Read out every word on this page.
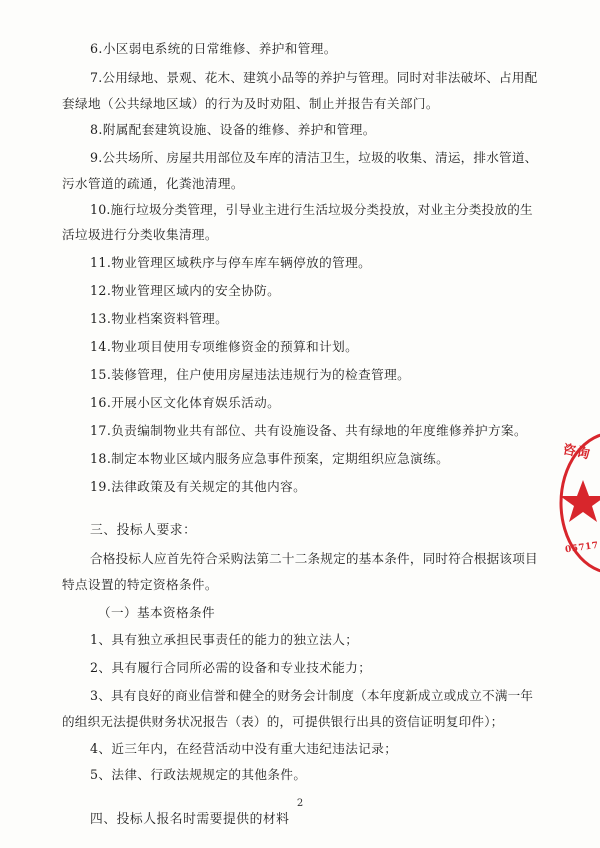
6.小区弱电系统的日常维修、养护和管理。
7.公用绿地、景观、花木、建筑小品等的养护与管理。同时对非法破坏、占用配
套绿地（公共绿地区域）的行为及时劝阻、制止并报告有关部门。
8.附属配套建筑设施、设备的维修、养护和管理。
9.公共场所、房屋共用部位及车库的清洁卫生，垃圾的收集、清运，排水管道、
污水管道的疏通，化粪池清理。
10.施行垃圾分类管理，引导业主进行生活垃圾分类投放，对业主分类投放的生
活垃圾进行分类收集清理。
11.物业管理区域秩序与停车库车辆停放的管理。
12.物业管理区域内的安全协防。
13.物业档案资料管理。
14.物业项目使用专项维修资金的预算和计划。
15.装修管理，住户使用房屋违法违规行为的检查管理。
16.开展小区文化体育娱乐活动。
17.负责编制物业共有部位、共有设施设备、共有绿地的年度维修养护方案。
18.制定本物业区域内服务应急事件预案，定期组织应急演练。
19.法律政策及有关规定的其他内容。
三、投标人要求：
合格投标人应首先符合采购法第二十二条规定的基本条件，同时符合根据该项目
特点设置的特定资格条件。
（一）基本资格条件
1、具有独立承担民事责任的能力的独立法人；
2、具有履行合同所必需的设备和专业技术能力；
3、具有良好的商业信誉和健全的财务会计制度（本年度新成立或成立不满一年
的组织无法提供财务状况报告（表）的，可提供银行出具的资信证明复印件）；
4、近三年内，在经营活动中没有重大违纪违法记录；
5、法律、行政法规规定的其他条件。
四、投标人报名时需要提供的材料
2
咨询
05717
